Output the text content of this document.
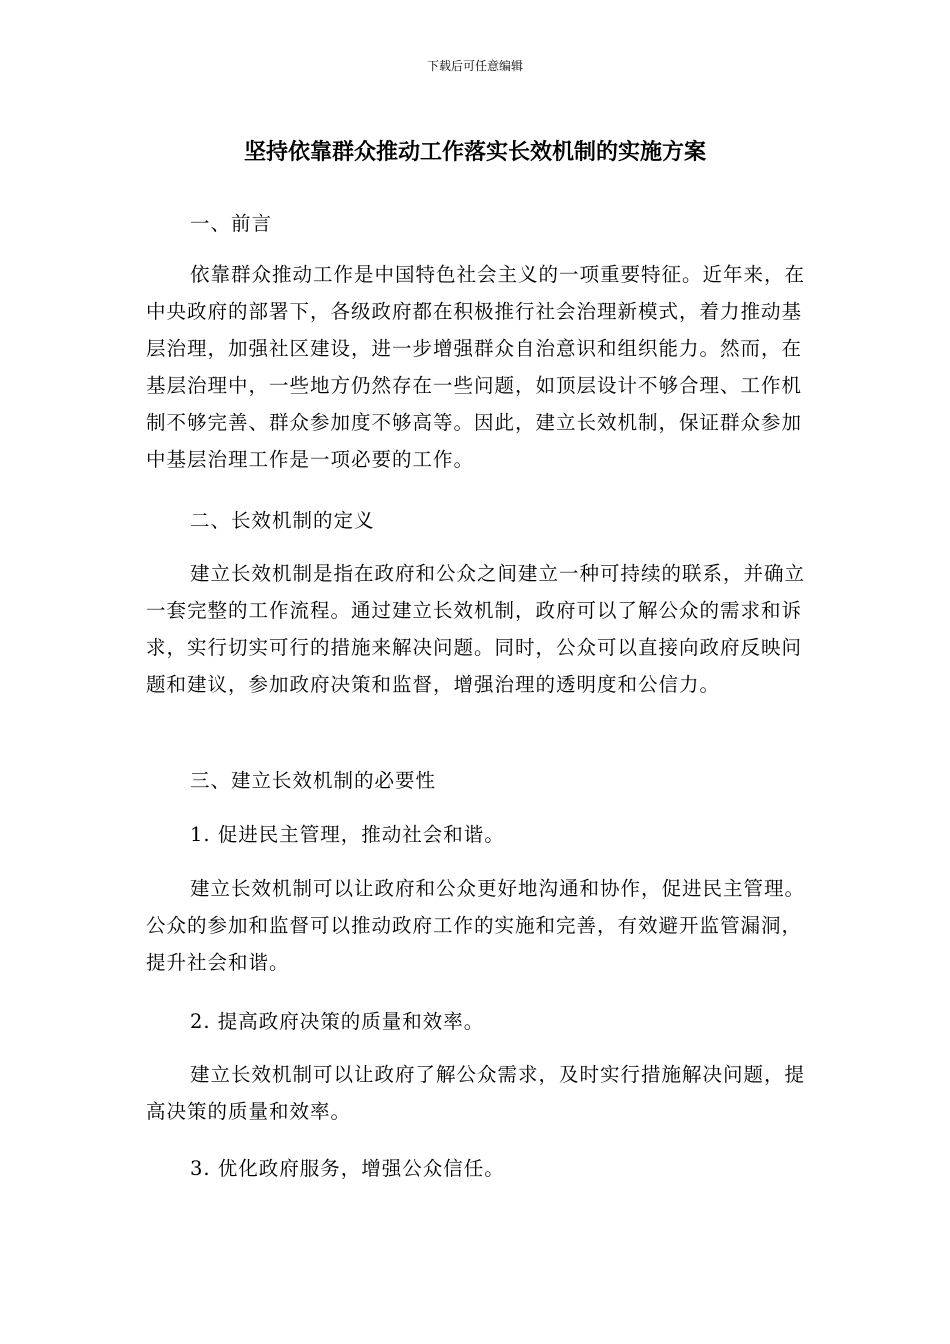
下载后可任意编辑
坚持依靠群众推动工作落实长效机制的实施方案
一、前言

依靠群众推动工作是中国特色社会主义的一项重要特征。近年来，在中央政府的部署下，各级政府都在积极推行社会治理新模式，着力推动基层治理，加强社区建设，进一步增强群众自治意识和组织能力。然而，在基层治理中，一些地方仍然存在一些问题，如顶层设计不够合理、工作机制不够完善、群众参加度不够高等。因此，建立长效机制，保证群众参加中基层治理工作是一项必要的工作。

二、长效机制的定义

建立长效机制是指在政府和公众之间建立一种可持续的联系，并确立一套完整的工作流程。通过建立长效机制，政府可以了解公众的需求和诉求，实行切实可行的措施来解决问题。同时，公众可以直接向政府反映问题和建议，参加政府决策和监督，增强治理的透明度和公信力。

三、建立长效机制的必要性
1. 促进民主管理，推动社会和谐。

建立长效机制可以让政府和公众更好地沟通和协作，促进民主管理。公众的参加和监督可以推动政府工作的实施和完善，有效避开监管漏洞，提升社会和谐。

2. 提高政府决策的质量和效率。

建立长效机制可以让政府了解公众需求，及时实行措施解决问题，提高决策的质量和效率。

3. 优化政府服务，增强公众信任。
